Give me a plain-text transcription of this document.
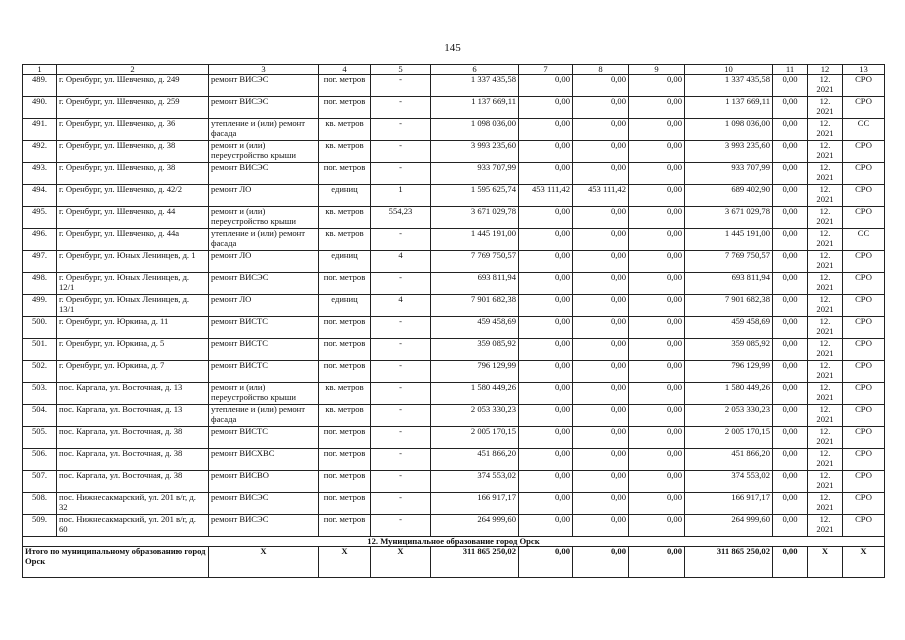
145
1	2	3	4	5	6	7	8	9	10	11	12	13
489.	г. Оренбург, ул. Шевченко, д. 249	ремонт ВИСЭС	пог. метров	-	1 337 435,58	0,00	0,00	0,00	1 337 435,58	0,00	12. 2021	СРО
490.	г. Оренбург, ул. Шевченко, д. 259	ремонт ВИСЭС	пог. метров	-	1 137 669,11	0,00	0,00	0,00	1 137 669,11	0,00	12. 2021	СРО
491.	г. Оренбург, ул. Шевченко, д. 36	утепление и (или) ремонт фасада	кв. метров	-	1 098 036,00	0,00	0,00	0,00	1 098 036,00	0,00	12. 2021	СС
492.	г. Оренбург, ул. Шевченко, д. 38	ремонт и (или) переустройство крыши	кв. метров	-	3 993 235,60	0,00	0,00	0,00	3 993 235,60	0,00	12. 2021	СРО
493.	г. Оренбург, ул. Шевченко, д. 38	ремонт ВИСЭС	пог. метров	-	933 707,99	0,00	0,00	0,00	933 707,99	0,00	12. 2021	СРО
494.	г. Оренбург, ул. Шевченко, д. 42/2	ремонт ЛО	единиц	1	1 595 625,74	453 111,42	453 111,42	0,00	689 402,90	0,00	12. 2021	СРО
495.	г. Оренбург, ул. Шевченко, д. 44	ремонт и (или) переустройство крыши	кв. метров	554,23	3 671 029,78	0,00	0,00	0,00	3 671 029,78	0,00	12. 2021	СРО
496.	г. Оренбург, ул. Шевченко, д. 44а	утепление и (или) ремонт фасада	кв. метров	-	1 445 191,00	0,00	0,00	0,00	1 445 191,00	0,00	12. 2021	СС
497.	г. Оренбург, ул. Юных Ленинцев, д. 1	ремонт ЛО	единиц	4	7 769 750,57	0,00	0,00	0,00	7 769 750,57	0,00	12. 2021	СРО
498.	г. Оренбург, ул. Юных Ленинцев, д. 12/1	ремонт ВИСЭС	пог. метров	-	693 811,94	0,00	0,00	0,00	693 811,94	0,00	12. 2021	СРО
499.	г. Оренбург, ул. Юных Ленинцев, д. 13/1	ремонт ЛО	единиц	4	7 901 682,38	0,00	0,00	0,00	7 901 682,38	0,00	12. 2021	СРО
500.	г. Оренбург, ул. Юркина, д. 11	ремонт ВИСТС	пог. метров	-	459 458,69	0,00	0,00	0,00	459 458,69	0,00	12. 2021	СРО
501.	г. Оренбург, ул. Юркина, д. 5	ремонт ВИСТС	пог. метров	-	359 085,92	0,00	0,00	0,00	359 085,92	0,00	12. 2021	СРО
502.	г. Оренбург, ул. Юркина, д. 7	ремонт ВИСТС	пог. метров	-	796 129,99	0,00	0,00	0,00	796 129,99	0,00	12. 2021	СРО
503.	пос. Каргала, ул. Восточная, д. 13	ремонт и (или) переустройство крыши	кв. метров	-	1 580 449,26	0,00	0,00	0,00	1 580 449,26	0,00	12. 2021	СРО
504.	пос. Каргала, ул. Восточная, д. 13	утепление и (или) ремонт фасада	кв. метров	-	2 053 330,23	0,00	0,00	0,00	2 053 330,23	0,00	12. 2021	СРО
505.	пос. Каргала, ул. Восточная, д. 38	ремонт ВИСТС	пог. метров	-	2 005 170,15	0,00	0,00	0,00	2 005 170,15	0,00	12. 2021	СРО
506.	пос. Каргала, ул. Восточная, д. 38	ремонт ВИСХВС	пог. метров	-	451 866,20	0,00	0,00	0,00	451 866,20	0,00	12. 2021	СРО
507.	пос. Каргала, ул. Восточная, д. 38	ремонт ВИСВО	пог. метров	-	374 553,02	0,00	0,00	0,00	374 553,02	0,00	12. 2021	СРО
508.	пос. Нижнесакмарский, ул. 201 в/г, д. 32	ремонт ВИСЭС	пог. метров	-	166 917,17	0,00	0,00	0,00	166 917,17	0,00	12. 2021	СРО
509.	пос. Нижнесакмарский, ул. 201 в/г, д. 60	ремонт ВИСЭС	пог. метров	-	264 999,60	0,00	0,00	0,00	264 999,60	0,00	12. 2021	СРО
12. Муниципальное образование город Орск												
Итого по муниципальному образованию город Орск		X	X	X	311 865 250,02	0,00	0,00	0,00	311 865 250,02	0,00	X	X
